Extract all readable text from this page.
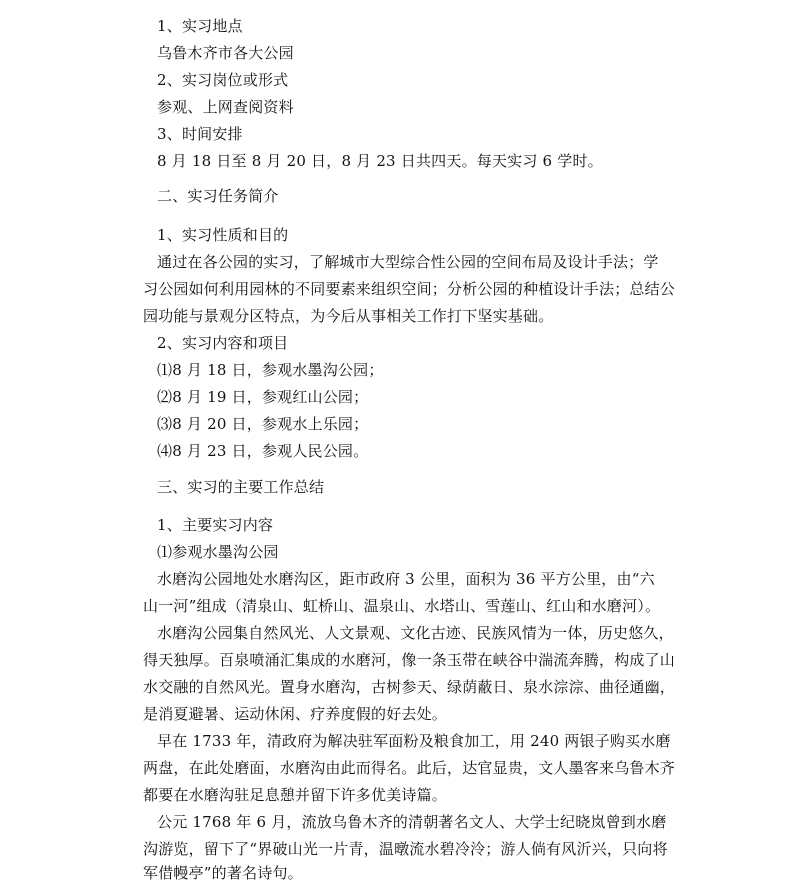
1、实习地点
乌鲁木齐市各大公园
2、实习岗位或形式
参观、上网查阅资料
3、时间安排
8 月 18 日至 8 月 20 日，8 月 23 日共四天。每天实习 6 学时。
二、实习任务简介
1、实习性质和目的
通过在各公园的实习，了解城市大型综合性公园的空间布局及设计手法；学
习公园如何利用园林的不同要素来组织空间；分析公园的种植设计手法；总结公
园功能与景观分区特点，为今后从事相关工作打下坚实基础。
2、实习内容和项目
⑴8 月 18 日，参观水墨沟公园；
⑵8 月 19 日，参观红山公园；
⑶8 月 20 日，参观水上乐园；
⑷8 月 23 日，参观人民公园。
三、实习的主要工作总结
1、主要实习内容
⑴参观水墨沟公园
水磨沟公园地处水磨沟区，距市政府 3 公里，面积为 36 平方公里，由“六
山一河”组成（清泉山、虹桥山、温泉山、水塔山、雪莲山、红山和水磨河）。
水磨沟公园集自然风光、人文景观、文化古迹、民族风情为一体，历史悠久，
得天独厚。百泉喷涌汇集成的水磨河，像一条玉带在峡谷中湍流奔腾，构成了山
水交融的自然风光。置身水磨沟，古树参天、绿荫蔽日、泉水淙淙、曲径通幽，
是消夏避暑、运动休闲、疗养度假的好去处。
早在 1733 年，清政府为解决驻军面粉及粮食加工，用 240 两银子购买水磨
两盘，在此处磨面，水磨沟由此而得名。此后，达官显贵，文人墨客来乌鲁木齐
都要在水磨沟驻足息憩并留下许多优美诗篇。
公元 1768 年 6 月，流放乌鲁木齐的清朝著名文人、大学士纪晓岚曾到水磨
沟游览，留下了“界破山光一片青，温暾流水碧冷泠；游人倘有风沂兴，只向将
军借幔亭”的著名诗句。
